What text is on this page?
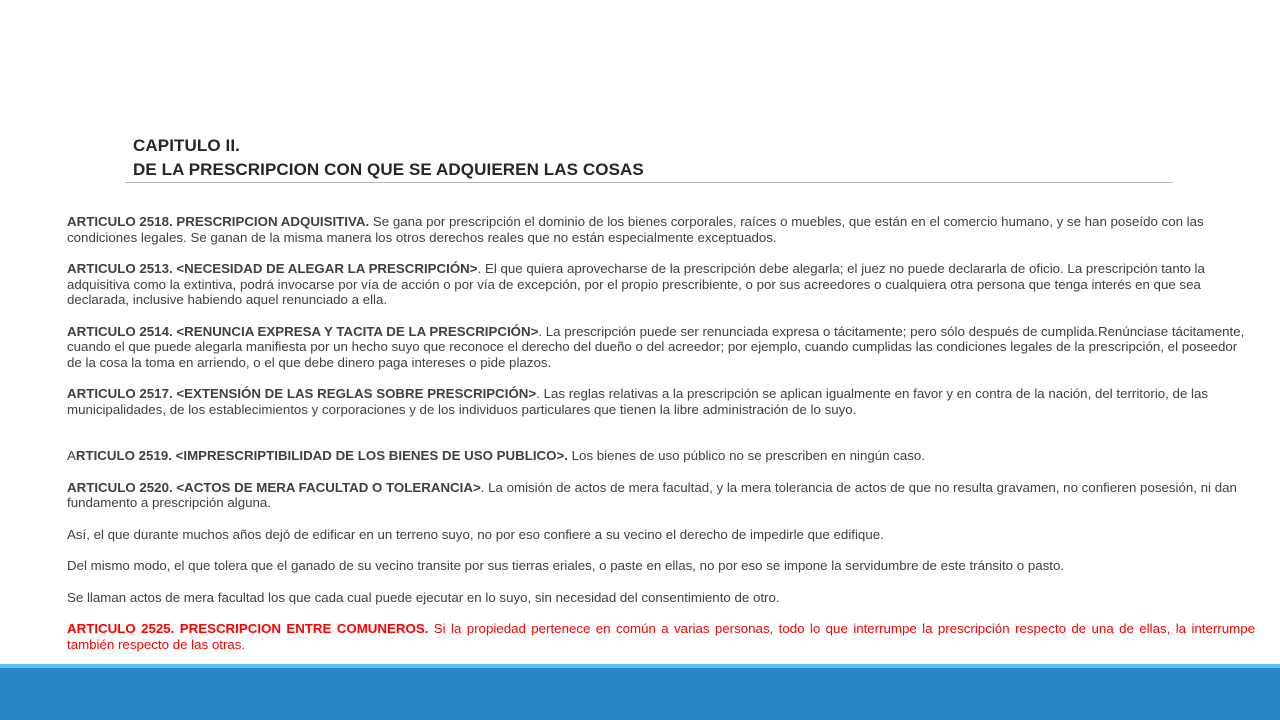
CAPITULO II.
DE LA PRESCRIPCION CON QUE SE ADQUIEREN LAS COSAS

ARTICULO 2518. PRESCRIPCION ADQUISITIVA. Se gana por prescripción el dominio de los bienes corporales, raíces o muebles, que están en el comercio humano, y se han poseído con las condiciones legales. Se ganan de la misma manera los otros derechos reales que no están especialmente exceptuados.

ARTICULO 2513. <NECESIDAD DE ALEGAR LA PRESCRIPCIÓN>. El que quiera aprovecharse de la prescripción debe alegarla; el juez no puede declararla de oficio. La prescripción tanto la adquisitiva como la extintiva, podrá invocarse por vía de acción o por vía de excepción, por el propio prescribiente, o por sus acreedores o cualquiera otra persona que tenga interés en que sea declarada, inclusive habiendo aquel renunciado a ella.

ARTICULO 2514. <RENUNCIA EXPRESA Y TACITA DE LA PRESCRIPCIÓN>. La prescripción puede ser renunciada expresa o tácitamente; pero sólo después de cumplida.Renúnciase tácitamente, cuando el que puede alegarla manifiesta por un hecho suyo que reconoce el derecho del dueño o del acreedor; por ejemplo, cuando cumplidas las condiciones legales de la prescripción, el poseedor de la cosa la toma en arriendo, o el que debe dinero paga intereses o pide plazos.

ARTICULO 2517. <EXTENSIÓN DE LAS REGLAS SOBRE PRESCRIPCIÓN>. Las reglas relativas a la prescripción se aplican igualmente en favor y en contra de la nación, del territorio, de las municipalidades, de los establecimientos y corporaciones y de los individuos particulares que tienen la libre administración de lo suyo.

ARTICULO 2519. <IMPRESCRIPTIBILIDAD DE LOS BIENES DE USO PUBLICO>. Los bienes de uso público no se prescriben en ningún caso.

ARTICULO 2520. <ACTOS DE MERA FACULTAD O TOLERANCIA>. La omisión de actos de mera facultad, y la mera tolerancia de actos de que no resulta gravamen, no confieren posesión, ni dan fundamento a prescripción alguna.

Así, el que durante muchos años dejó de edificar en un terreno suyo, no por eso confiere a su vecino el derecho de impedirle que edifique.

Del mismo modo, el que tolera que el ganado de su vecino transite por sus tierras eriales, o paste en ellas, no por eso se impone la servidumbre de este tránsito o pasto.

Se llaman actos de mera facultad los que cada cual puede ejecutar en lo suyo, sin necesidad del consentimiento de otro.

ARTICULO 2525. PRESCRIPCION ENTRE COMUNEROS. Si la propiedad pertenece en común a varias personas, todo lo que interrumpe la prescripción respecto de una de ellas, la interrumpe también respecto de las otras.
